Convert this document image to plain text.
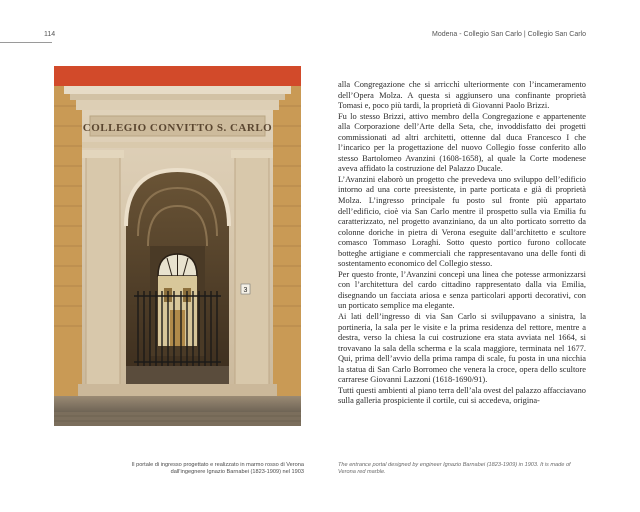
114	Modena - Collegio San Carlo | Collegio San Carlo
COLLEGIO CONVITTO S. CARLO
3

alla Congregazione che si arricchì ulteriormente con l’incameramento dell’Opera Molza. A questa si aggiunsero una confinante proprietà Tomasi e, poco più tardi, la proprietà di Giovanni Paolo Brizzi.

Fu lo stesso Brizzi, attivo membro della Congregazione e appartenente alla Corporazione dell’Arte della Seta, che, invoddisfatto dei progetti commissionati ad altri architetti, ottenne dal duca Francesco I che l’incarico per la progettazione del nuovo Collegio fosse conferito allo stesso Bartolomeo Avanzini (1608-1658), al quale la Corte modenese aveva affidato la costruzione del Palazzo Ducale.

L’Avanzini elaborò un progetto che prevedeva uno sviluppo dell’edificio intorno ad una corte preesistente, in parte porticata e già di proprietà Molza. L’ingresso principale fu posto sul fronte più appartato dell’edificio, cioè via San Carlo mentre il prospetto sulla via Emilia fu caratterizzato, nel progetto avanziniano, da un alto porticato sorretto da colonne doriche in pietra di Verona eseguite dall’architetto e scultore comasco Tommaso Loraghi. Sotto questo portico furono collocate botteghe artigiane e commerciali che rappresentavano una delle fonti di sostentamento economico del Collegio stesso.

Per questo fronte, l’Avanzini concepì una linea che potesse armonizzarsi con l’architettura del cardo cittadino rappresentato dalla via Emilia, disegnando un facciata ariosa e senza particolari apporti decorativi, con un porticato semplice ma elegante.

Ai lati dell’ingresso di via San Carlo si sviluppavano a sinistra, la portineria, la sala per le visite e la prima residenza del rettore, mentre a destra, verso la chiesa la cui costruzione era stata avviata nel 1664, si trovavano la sala della scherma e la scala maggiore, terminata nel 1677. Qui, prima dell’avvio della prima rampa di scale, fu posta in una nicchia la statua di San Carlo Borromeo che venera la croce, opera dello scultore carrarese Giovanni Lazzoni (1618-1690/91).

Tutti questi ambienti al piano terra dell’ala ovest del palazzo affacciavano sulla galleria prospiciente il cortile, cui si accedeva, origina-

Il portale di ingresso progettato e realizzato in marmo rosso di Verona dall’ingegnere Ignazio Barnabei (1823-1909) nel 1903
The entrance portal designed by engineer Ignazio Barnabei (1823-1909) in 1903. It is made of Verona red marble.
